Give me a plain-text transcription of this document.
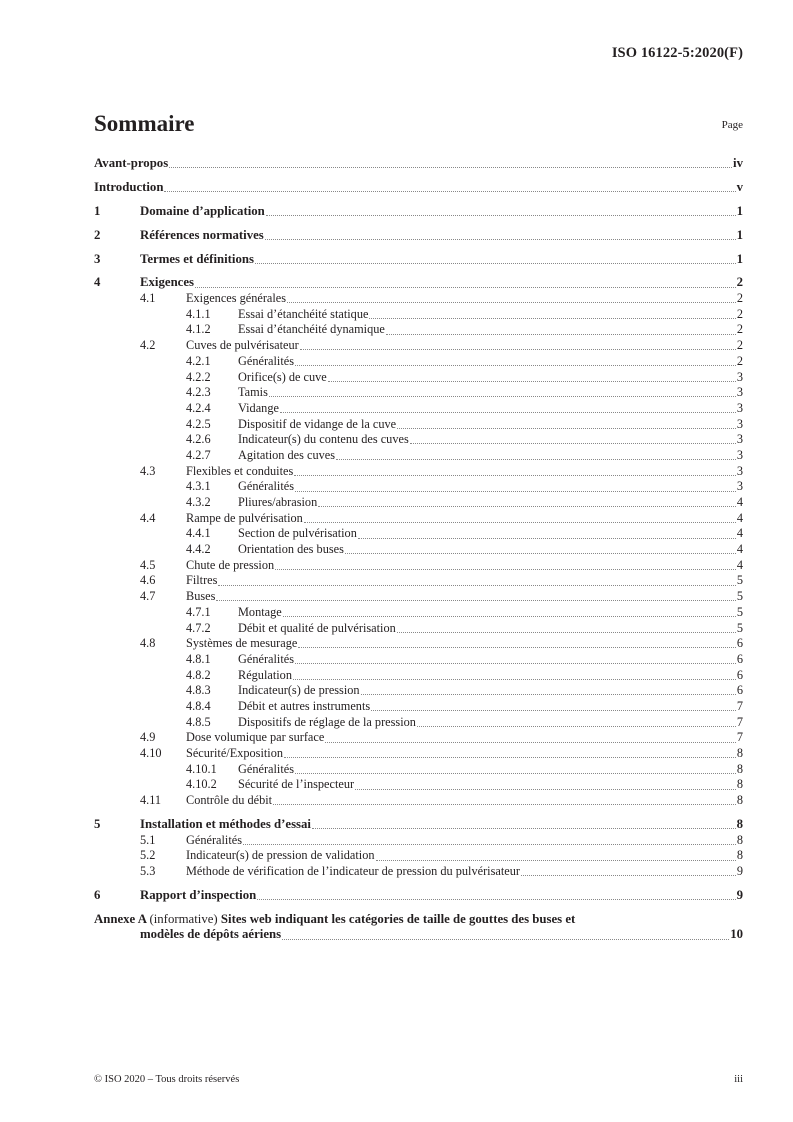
ISO 16122-5:2020(F)
Sommaire	Page
Avant-propos	iv
Introduction	v
1	Domaine d’application	1
2	Références normatives	1
3	Termes et définitions	1
4	Exigences	2
4.1	Exigences générales	2
4.1.1	Essai d’étanchéité statique	2
4.1.2	Essai d’étanchéité dynamique	2
4.2	Cuves de pulvérisateur	2
4.2.1	Généralités	2
4.2.2	Orifice(s) de cuve	3
4.2.3	Tamis	3
4.2.4	Vidange	3
4.2.5	Dispositif de vidange de la cuve	3
4.2.6	Indicateur(s) du contenu des cuves	3
4.2.7	Agitation des cuves	3
4.3	Flexibles et conduites	3
4.3.1	Généralités	3
4.3.2	Pliures/abrasion	4
4.4	Rampe de pulvérisation	4
4.4.1	Section de pulvérisation	4
4.4.2	Orientation des buses	4
4.5	Chute de pression	4
4.6	Filtres	5
4.7	Buses	5
4.7.1	Montage	5
4.7.2	Débit et qualité de pulvérisation	5
4.8	Systèmes de mesurage	6
4.8.1	Généralités	6
4.8.2	Régulation	6
4.8.3	Indicateur(s) de pression	6
4.8.4	Débit et autres instruments	7
4.8.5	Dispositifs de réglage de la pression	7
4.9	Dose volumique par surface	7
4.10	Sécurité/Exposition	8
4.10.1	Généralités	8
4.10.2	Sécurité de l’inspecteur	8
4.11	Contrôle du débit	8
5	Installation et méthodes d’essai	8
5.1	Généralités	8
5.2	Indicateur(s) de pression de validation	8
5.3	Méthode de vérification de l’indicateur de pression du pulvérisateur	9
6	Rapport d’inspection	9
Annexe A (informative) Sites web indiquant les catégories de taille de gouttes des buses et
modèles de dépôts aériens	10
© ISO 2020 – Tous droits réservés	iii
